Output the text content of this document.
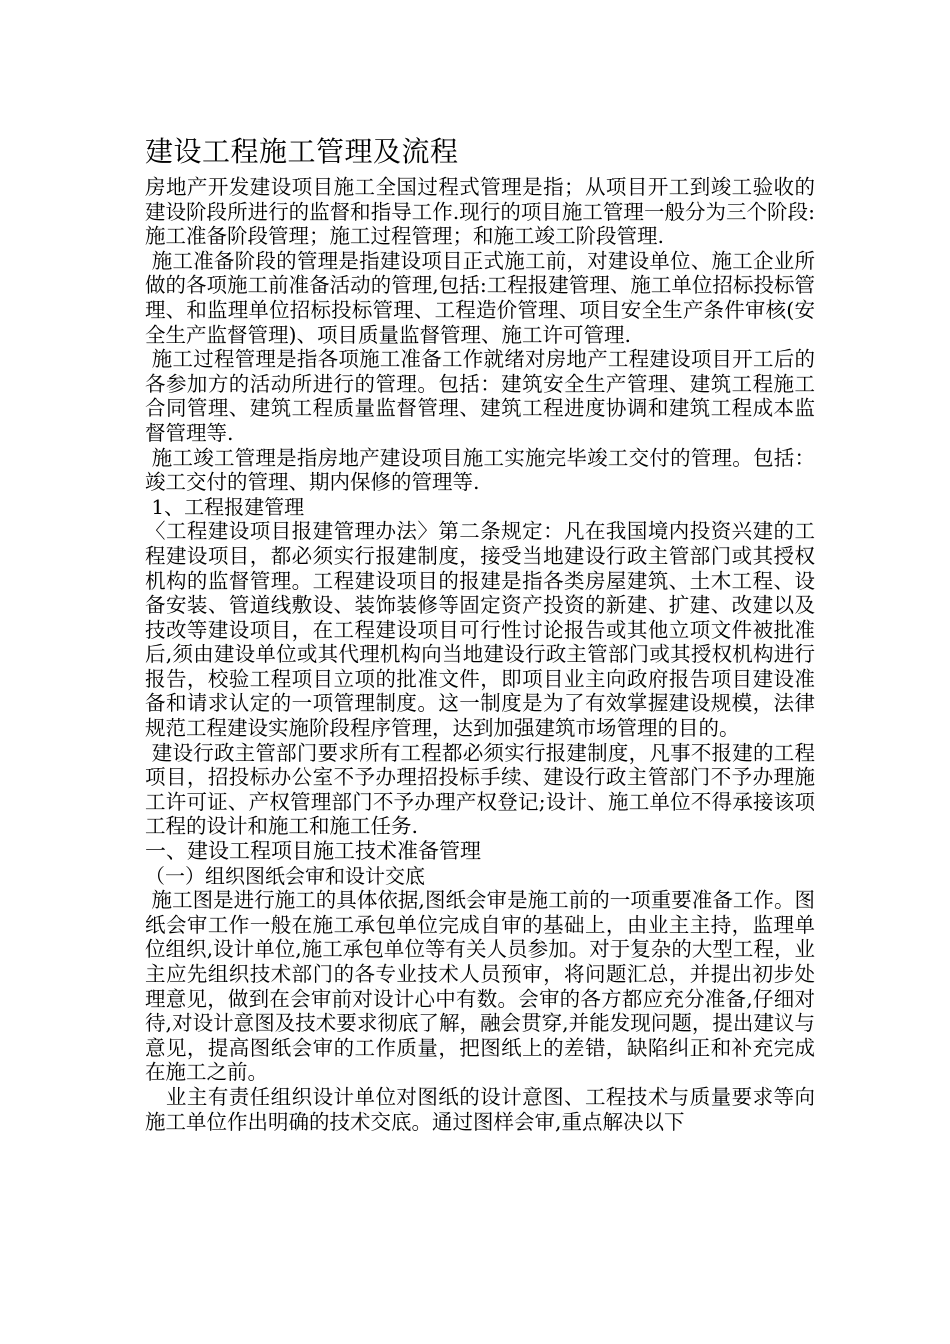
建设工程施工管理及流程

房地产开发建设项目施工全国过程式管理是指；从项目开工到竣工验收的建设阶段所进行的监督和指导工作.现行的项目施工管理一般分为三个阶段:施工准备阶段管理；施工过程管理；和施工竣工阶段管理.

施工准备阶段的管理是指建设项目正式施工前，对建设单位、施工企业所做的各项施工前准备活动的管理,包括:工程报建管理、施工单位招标投标管理、和监理单位招标投标管理、工程造价管理、项目安全生产条件审核(安全生产监督管理)、项目质量监督管理、施工许可管理.

施工过程管理是指各项施工准备工作就绪对房地产工程建设项目开工后的各参加方的活动所进行的管理。包括：建筑安全生产管理、建筑工程施工合同管理、建筑工程质量监督管理、建筑工程进度协调和建筑工程成本监督管理等.

施工竣工管理是指房地产建设项目施工实施完毕竣工交付的管理。包括：竣工交付的管理、期内保修的管理等.

1、工程报建管理

〈工程建设项目报建管理办法〉第二条规定：凡在我国境内投资兴建的工程建设项目，都必须实行报建制度，接受当地建设行政主管部门或其授权机构的监督管理。工程建设项目的报建是指各类房屋建筑、土木工程、设备安装、管道线敷设、装饰装修等固定资产投资的新建、扩建、改建以及技改等建设项目，在工程建设项目可行性讨论报告或其他立项文件被批准后,须由建设单位或其代理机构向当地建设行政主管部门或其授权机构进行报告，校验工程项目立项的批准文件，即项目业主向政府报告项目建设准备和请求认定的一项管理制度。这一制度是为了有效掌握建设规模，法律规范工程建设实施阶段程序管理，达到加强建筑市场管理的目的。

建设行政主管部门要求所有工程都必须实行报建制度，凡事不报建的工程项目，招投标办公室不予办理招投标手续、建设行政主管部门不予办理施工许可证、产权管理部门不予办理产权登记;设计、施工单位不得承接该项工程的设计和施工和施工任务.

一、建设工程项目施工技术准备管理

（一）组织图纸会审和设计交底

施工图是进行施工的具体依据,图纸会审是施工前的一项重要准备工作。图纸会审工作一般在施工承包单位完成自审的基础上，由业主主持，监理单位组织,设计单位,施工承包单位等有关人员参加。对于复杂的大型工程，业主应先组织技术部门的各专业技术人员预审，将问题汇总，并提出初步处理意见，做到在会审前对设计心中有数。会审的各方都应充分准备,仔细对待,对设计意图及技术要求彻底了解，融会贯穿,并能发现问题，提出建议与意见，提高图纸会审的工作质量，把图纸上的差错，缺陷纠正和补充完成在施工之前。

业主有责任组织设计单位对图纸的设计意图、工程技术与质量要求等向施工单位作出明确的技术交底。通过图样会审,重点解决以下
